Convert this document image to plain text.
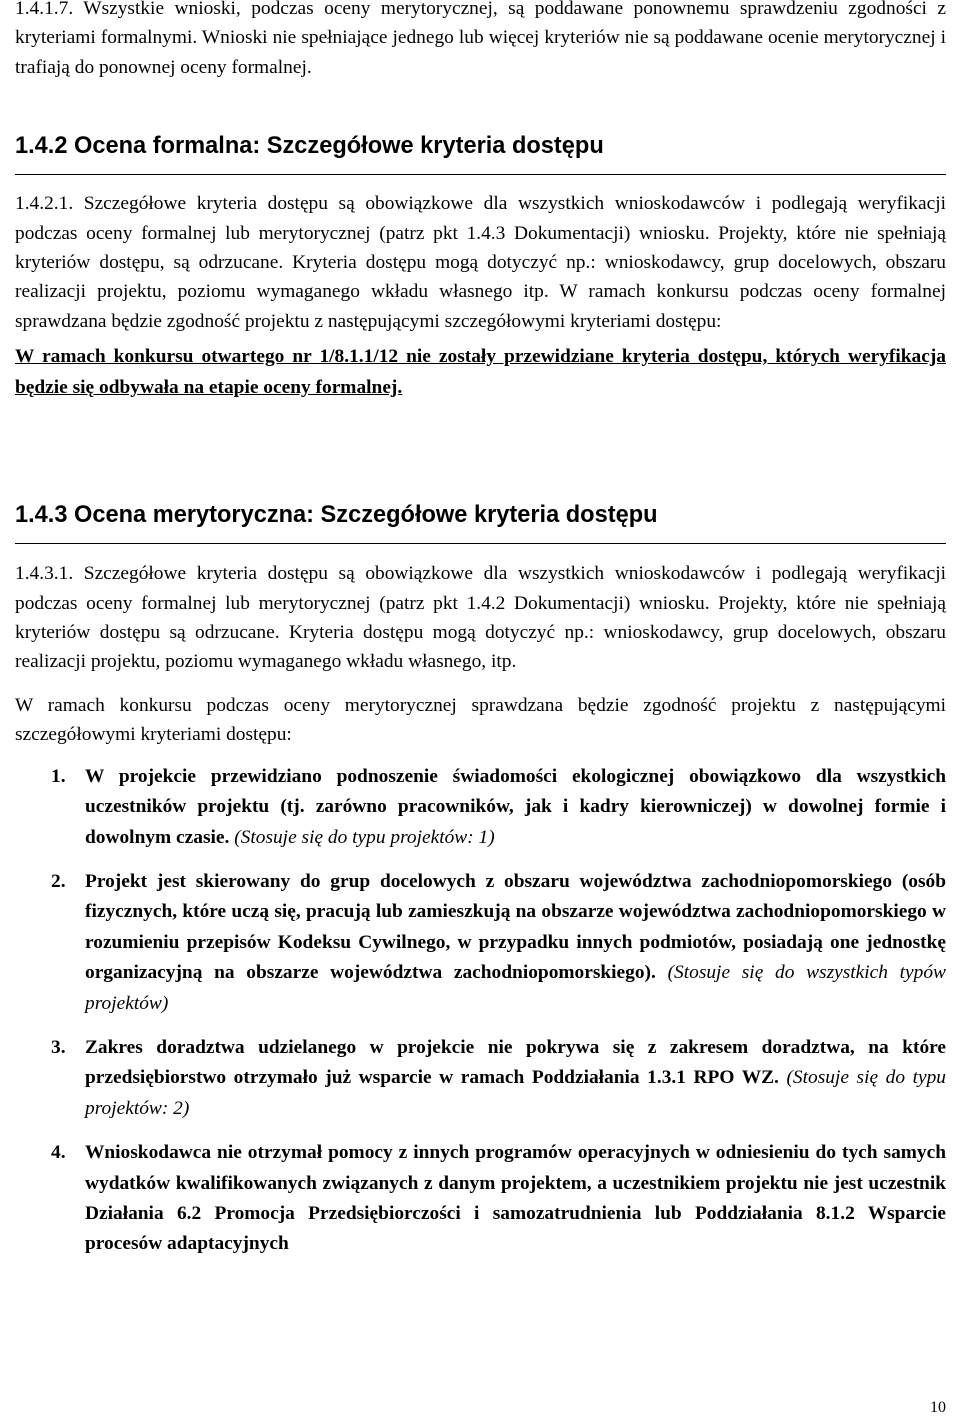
1.4.1.7. Wszystkie wnioski, podczas oceny merytorycznej, są poddawane ponownemu sprawdzeniu zgodności z kryteriami formalnymi. Wnioski nie spełniające jednego lub więcej kryteriów nie są poddawane ocenie merytorycznej i trafiają do ponownej oceny formalnej.

1.4.2 Ocena formalna: Szczegółowe kryteria dostępu

1.4.2.1. Szczegółowe kryteria dostępu są obowiązkowe dla wszystkich wnioskodawców i podlegają weryfikacji podczas oceny formalnej lub merytorycznej (patrz pkt 1.4.3 Dokumentacji) wniosku. Projekty, które nie spełniają kryteriów dostępu, są odrzucane. Kryteria dostępu mogą dotyczyć np.: wnioskodawcy, grup docelowych, obszaru realizacji projektu, poziomu wymaganego wkładu własnego itp. W ramach konkursu podczas oceny formalnej sprawdzana będzie zgodność projektu z następującymi szczegółowymi kryteriami dostępu:

W ramach konkursu otwartego nr 1/8.1.1/12 nie zostały przewidziane kryteria dostępu, których weryfikacja będzie się odbywała na etapie oceny formalnej.

1.4.3 Ocena merytoryczna: Szczegółowe kryteria dostępu

1.4.3.1. Szczegółowe kryteria dostępu są obowiązkowe dla wszystkich wnioskodawców i podlegają weryfikacji podczas oceny formalnej lub merytorycznej (patrz pkt 1.4.2 Dokumentacji) wniosku. Projekty, które nie spełniają kryteriów dostępu są odrzucane. Kryteria dostępu mogą dotyczyć np.: wnioskodawcy, grup docelowych, obszaru realizacji projektu, poziomu wymaganego wkładu własnego, itp.

W ramach konkursu podczas oceny merytorycznej sprawdzana będzie zgodność projektu z następującymi szczegółowymi kryteriami dostępu:

1. W projekcie przewidziano podnoszenie świadomości ekologicznej obowiązkowo dla wszystkich uczestników projektu (tj. zarówno pracowników, jak i kadry kierowniczej) w dowolnej formie i dowolnym czasie. (Stosuje się do typu projektów: 1)
2. Projekt jest skierowany do grup docelowych z obszaru województwa zachodniopomorskiego (osób fizycznych, które uczą się, pracują lub zamieszkują na obszarze województwa zachodniopomorskiego w rozumieniu przepisów Kodeksu Cywilnego, w przypadku innych podmiotów, posiadają one jednostkę organizacyjną na obszarze województwa zachodniopomorskiego). (Stosuje się do wszystkich typów projektów)
3. Zakres doradztwa udzielanego w projekcie nie pokrywa się z zakresem doradztwa, na które przedsiębiorstwo otrzymało już wsparcie w ramach Poddziałania 1.3.1 RPO WZ. (Stosuje się do typu projektów: 2)
4. Wnioskodawca nie otrzymał pomocy z innych programów operacyjnych w odniesieniu do tych samych wydatków kwalifikowanych związanych z danym projektem, a uczestnikiem projektu nie jest uczestnik Działania 6.2 Promocja Przedsiębiorczości i samozatrudnienia lub Poddziałania 8.1.2 Wsparcie procesów adaptacyjnych
10
